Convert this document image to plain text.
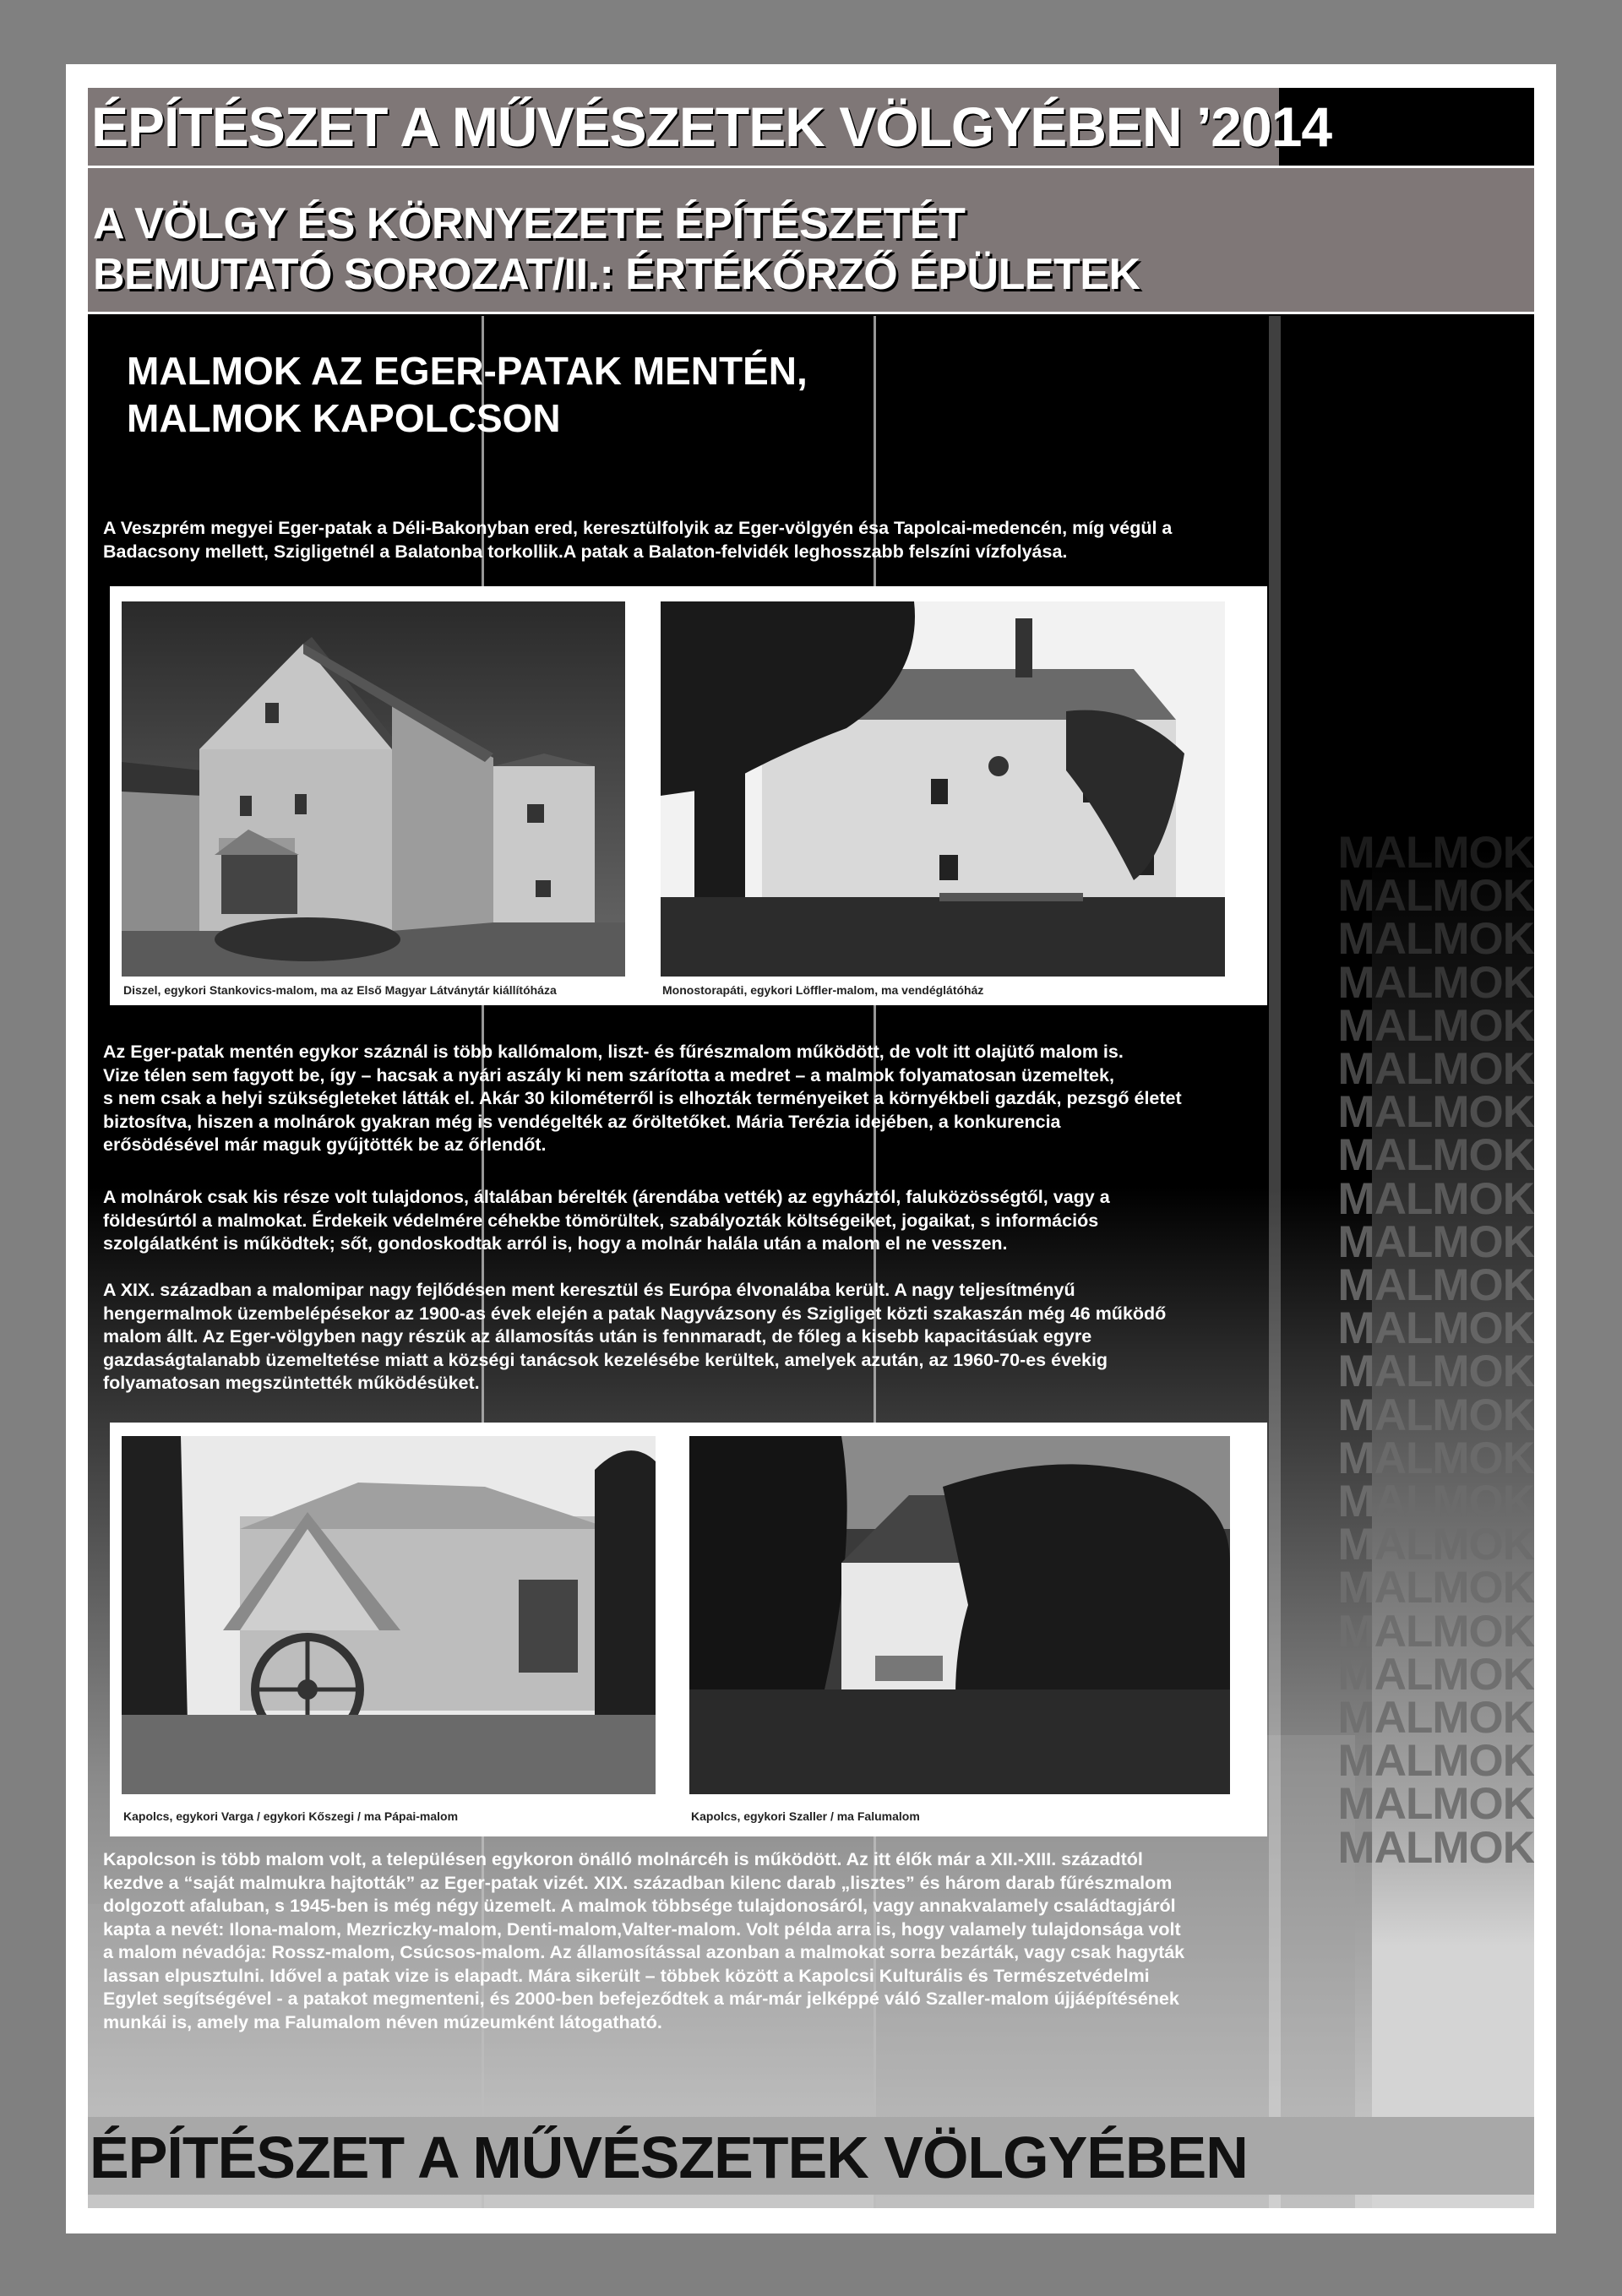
ÉPÍTÉSZET A MŰVÉSZETEK VÖLGYÉBEN ’2014
A VÖLGY ÉS KÖRNYEZETE ÉPÍTÉSZETÉT
BEMUTATÓ SOROZAT/II.: ÉRTÉKŐRZŐ ÉPÜLETEK
MALMOK AZ EGER-PATAK MENTÉN,
MALMOK KAPOLCSON
A Veszprém megyei Eger-patak a Déli-Bakonyban ered, keresztülfolyik az Eger-völgyén ésa Tapolcai-medencén, míg végül a
Badacsony mellett, Szigligetnél a Balatonba torkollik.A patak a Balaton-felvidék leghosszabb felszíni vízfolyása.
Diszel, egykori Stankovics-malom, ma az Első Magyar Látványtár kiállítóháza	Monostorapáti, egykori Löffler-malom, ma vendéglátóház
Az Eger-patak mentén egykor száznál is több kallómalom, liszt- és fűrészmalom működött, de volt itt olajütő malom is.
Vize télen sem fagyott be, így – hacsak a nyári aszály ki nem szárította a medret – a malmok folyamatosan üzemeltek,
s nem csak a helyi szükségleteket látták el. Akár 30 kilométerről is elhozták terményeiket a környékbeli gazdák, pezsgő életet
biztosítva, hiszen a molnárok gyakran még is vendégelték az őröltetőket. Mária Terézia idejében, a konkurencia
erősödésével már maguk gyűjtötték be az őrlendőt.
A molnárok csak kis része volt tulajdonos, általában bérelték (árendába vették) az egyháztól, faluközösségtől, vagy a
földesúrtól a malmokat. Érdekeik védelmére céhekbe tömörültek, szabályozták költségeiket, jogaikat, s információs
szolgálatként is működtek; sőt, gondoskodtak arról is, hogy a molnár halála után a malom el ne vesszen.
A XIX. században a malomipar nagy fejlődésen ment keresztül és Európa élvonalába került. A nagy teljesítményű
hengermalmok üzembelépésekor az 1900-as évek elején a patak Nagyvázsony és Szigliget közti szakaszán még 46 működő
malom állt. Az Eger-völgyben nagy részük az államosítás után is fennmaradt, de főleg a kisebb kapacitásúak egyre
gazdaságtalanabb üzemeltetése miatt a községi tanácsok kezelésébe kerültek, amelyek azután, az 1960-70-es évekig
folyamatosan megszüntették működésüket.
Kapolcs, egykori Varga / egykori Kőszegi / ma Pápai-malom	Kapolcs, egykori Szaller / ma Falumalom
Kapolcson is több malom volt, a településen egykoron önálló molnárcéh is működött. Az itt élők már a XII.-XIII. századtól
kezdve a “saját malmukra hajtották” az Eger-patak vizét. XIX. században kilenc darab „lisztes” és három darab fűrészmalom
dolgozott afaluban, s 1945-ben is még négy üzemelt. A malmok többsége tulajdonosáról, vagy annakvalamely családtagjáról
kapta a nevét: Ilona-malom, Mezriczky-malom, Denti-malom,Valter-malom. Volt példa arra is, hogy valamely tulajdonsága volt
a malom névadója: Rossz-malom, Csúcsos-malom. Az államosítással azonban a malmokat sorra bezárták, vagy csak hagyták
lassan elpusztulni. Idővel a patak vize is elapadt. Mára sikerült – többek között a Kapolcsi Kulturális és Természetvédelmi
Egylet segítségével - a patakot megmenteni, és 2000-ben befejeződtek a már-már jelképpé váló Szaller-malom újjáépítésének
munkái is, amely ma Falumalom néven múzeumként látogatható.
MALMOK
MALMOK
MALMOK
MALMOK
MALMOK
MALMOK
MALMOK
MALMOK
MALMOK
MALMOK
MALMOK
MALMOK
MALMOK
MALMOK
MALMOK
MALMOK
MALMOK
MALMOK
MALMOK
MALMOK
MALMOK
MALMOK
MALMOK
MALMOK
ÉPÍTÉSZET A MŰVÉSZETEK VÖLGYÉBEN
